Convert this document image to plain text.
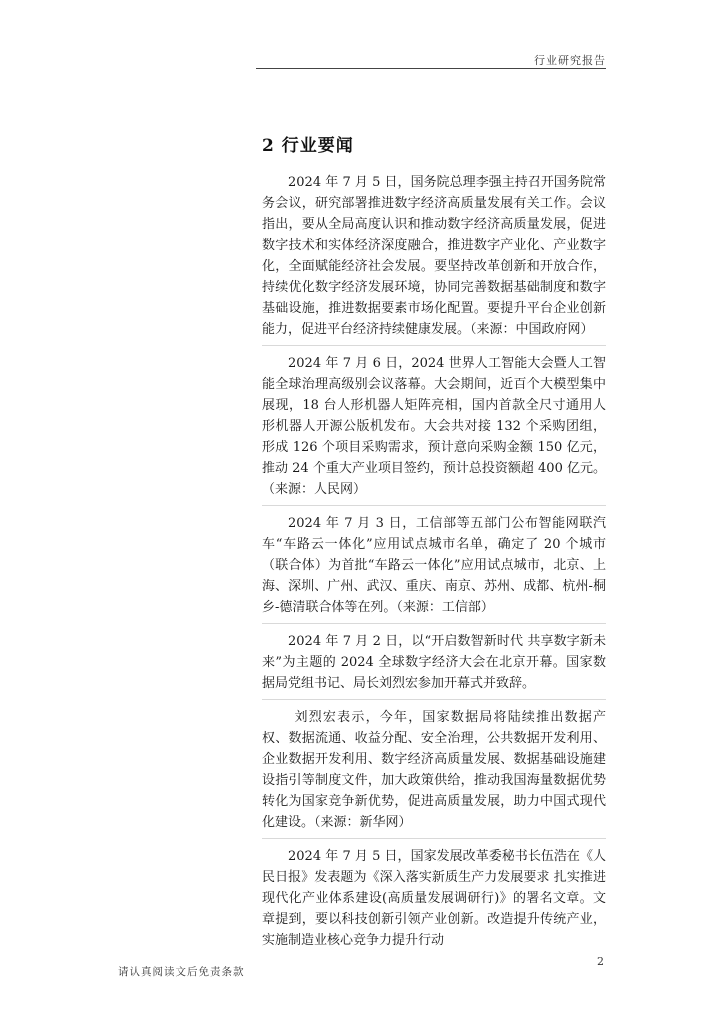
行业研究报告
2 行业要闻

2024 年 7 月 5 日，国务院总理李强主持召开国务院常务会议，研究部署推进数字经济高质量发展有关工作。会议指出，要从全局高度认识和推动数字经济高质量发展，促进数字技术和实体经济深度融合，推进数字产业化、产业数字化，全面赋能经济社会发展。要坚持改革创新和开放合作，持续优化数字经济发展环境，协同完善数据基础制度和数字基础设施，推进数据要素市场化配置。要提升平台企业创新能力，促进平台经济持续健康发展。（来源：中国政府网）

2024 年 7 月 6 日，2024 世界人工智能大会暨人工智能全球治理高级别会议落幕。大会期间，近百个大模型集中展现，18 台人形机器人矩阵亮相，国内首款全尺寸通用人形机器人开源公版机发布。大会共对接 132 个采购团组，形成 126 个项目采购需求，预计意向采购金额 150 亿元，推动 24 个重大产业项目签约，预计总投资额超 400 亿元。（来源：人民网）

2024 年 7 月 3 日，工信部等五部门公布智能网联汽车“车路云一体化”应用试点城市名单，确定了 20 个城市（联合体）为首批“车路云一体化”应用试点城市，北京、上海、深圳、广州、武汉、重庆、南京、苏州、成都、杭州-桐乡-德清联合体等在列。（来源：工信部）

2024 年 7 月 2 日，以“开启数智新时代 共享数字新未来”为主题的 2024 全球数字经济大会在北京开幕。国家数据局党组书记、局长刘烈宏参加开幕式并致辞。

刘烈宏表示，今年，国家数据局将陆续推出数据产权、数据流通、收益分配、安全治理，公共数据开发利用、企业数据开发利用、数字经济高质量发展、数据基础设施建设指引等制度文件，加大政策供给，推动我国海量数据优势转化为国家竞争新优势，促进高质量发展，助力中国式现代化建设。（来源：新华网）

2024 年 7 月 5 日，国家发展改革委秘书长伍浩在《人民日报》发表题为《深入落实新质生产力发展要求 扎实推进现代化产业体系建设(高质量发展调研行)》的署名文章。文章提到，要以科技创新引领产业创新。改造提升传统产业，实施制造业核心竞争力提升行动

2
请认真阅读文后免责条款
